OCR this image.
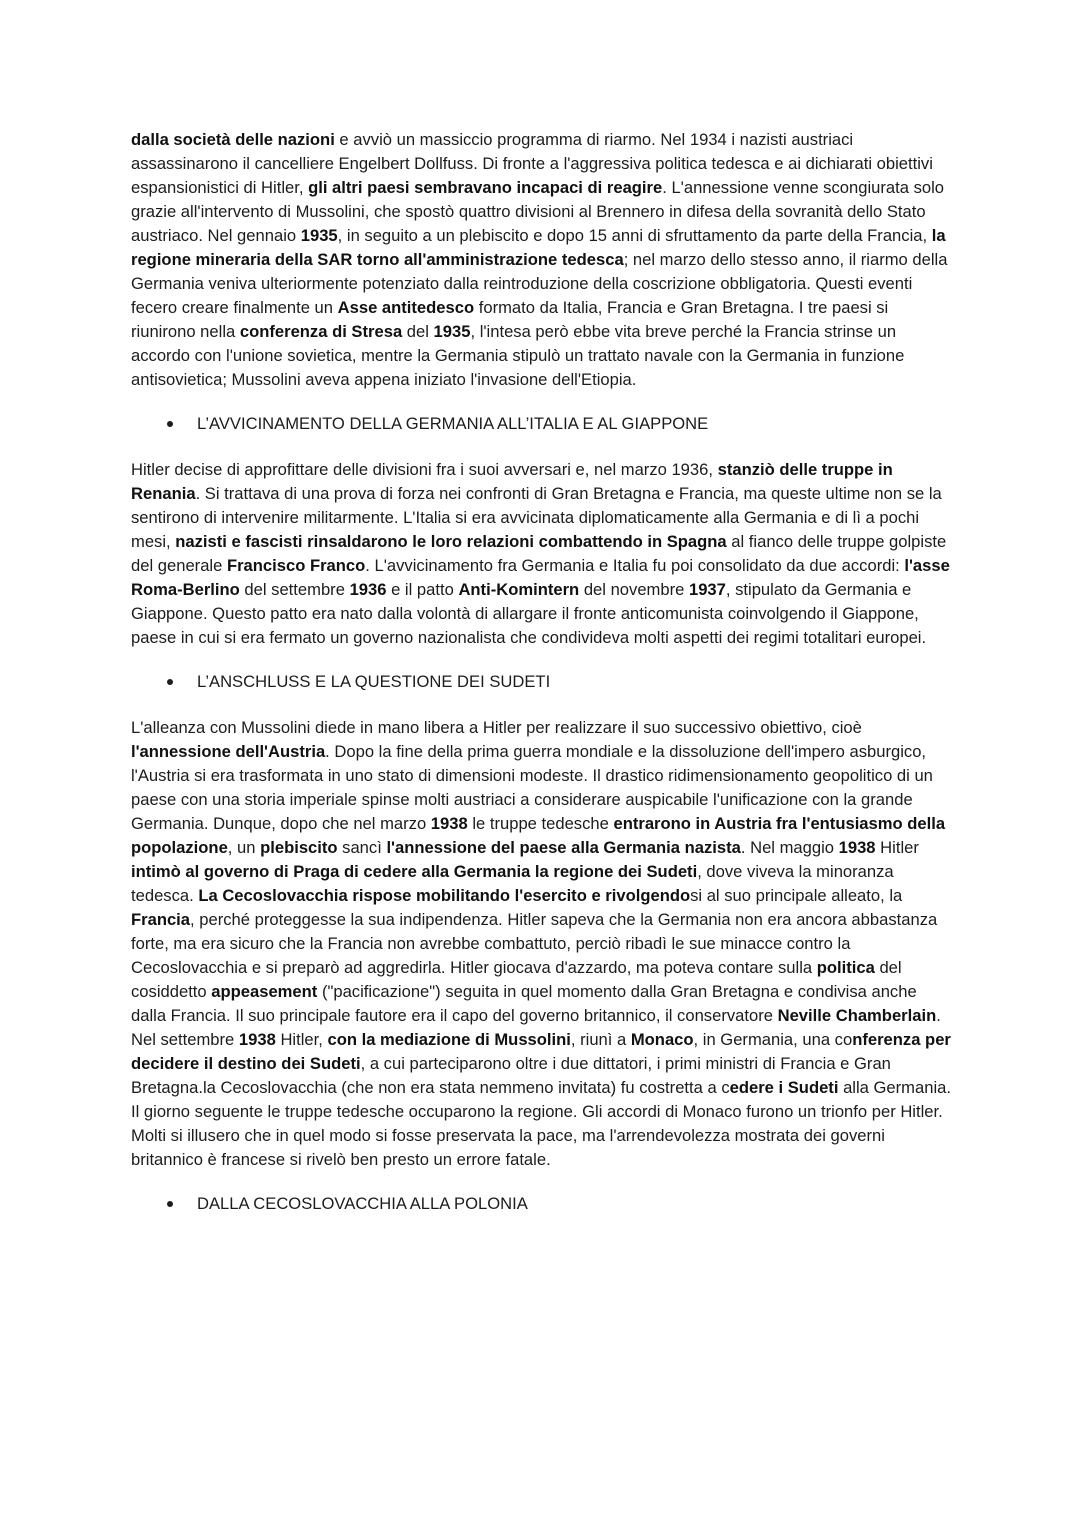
dalla società delle nazioni e avviò un massiccio programma di riarmo. Nel 1934 i nazisti austriaci assassinarono il cancelliere Engelbert Dollfuss. Di fronte a l'aggressiva politica tedesca e ai dichiarati obiettivi espansionistici di Hitler, gli altri paesi sembravano incapaci di reagire. L'annessione venne scongiurata solo grazie all'intervento di Mussolini, che spostò quattro divisioni al Brennero in difesa della sovranità dello Stato austriaco. Nel gennaio 1935, in seguito a un plebiscito e dopo 15 anni di sfruttamento da parte della Francia, la regione mineraria della SAR torno all'amministrazione tedesca; nel marzo dello stesso anno, il riarmo della Germania veniva ulteriormente potenziato dalla reintroduzione della coscrizione obbligatoria. Questi eventi fecero creare finalmente un Asse antitedesco formato da Italia, Francia e Gran Bretagna. I tre paesi si riunirono nella conferenza di Stresa del 1935, l'intesa però ebbe vita breve perché la Francia strinse un accordo con l'unione sovietica, mentre la Germania stipulò un trattato navale con la Germania in funzione antisovietica; Mussolini aveva appena iniziato l'invasione dell'Etiopia.

L’AVVICINAMENTO DELLA GERMANIA ALL’ITALIA E AL GIAPPONE

Hitler decise di approfittare delle divisioni fra i suoi avversari e, nel marzo 1936, stanziò delle truppe in Renania. Si trattava di una prova di forza nei confronti di Gran Bretagna e Francia, ma queste ultime non se la sentirono di intervenire militarmente. L'Italia si era avvicinata diplomaticamente alla Germania e di lì a pochi mesi, nazisti e fascisti rinsaldarono le loro relazioni combattendo in Spagna al fianco delle truppe golpiste del generale Francisco Franco. L'avvicinamento fra Germania e Italia fu poi consolidato da due accordi: l'asse Roma-Berlino del settembre 1936 e il patto Anti-Komintern del novembre 1937, stipulato da Germania e Giappone. Questo patto era nato dalla volontà di allargare il fronte anticomunista coinvolgendo il Giappone, paese in cui si era fermato un governo nazionalista che condivideva molti aspetti dei regimi totalitari europei.

L’ANSCHLUSS E LA QUESTIONE DEI SUDETI

L'alleanza con Mussolini diede in mano libera a Hitler per realizzare il suo successivo obiettivo, cioè l'annessione dell'Austria. Dopo la fine della prima guerra mondiale e la dissoluzione dell'impero asburgico, l'Austria si era trasformata in uno stato di dimensioni modeste. Il drastico ridimensionamento geopolitico di un paese con una storia imperiale spinse molti austriaci a considerare auspicabile l'unificazione con la grande Germania. Dunque, dopo che nel marzo 1938 le truppe tedesche entrarono in Austria fra l'entusiasmo della popolazione, un plebiscito sancì l'annessione del paese alla Germania nazista. Nel maggio 1938 Hitler intimò al governo di Praga di cedere alla Germania la regione dei Sudeti, dove viveva la minoranza tedesca. La Cecoslovacchia rispose mobilitando l'esercito e rivolgendosi al suo principale alleato, la Francia, perché proteggesse la sua indipendenza. Hitler sapeva che la Germania non era ancora abbastanza forte, ma era sicuro che la Francia non avrebbe combattuto, perciò ribadì le sue minacce contro la Cecoslovacchia e si preparò ad aggredirla. Hitler giocava d'azzardo, ma poteva contare sulla politica del cosiddetto appeasement ("pacificazione") seguita in quel momento dalla Gran Bretagna e condivisa anche dalla Francia. Il suo principale fautore era il capo del governo britannico, il conservatore Neville Chamberlain. Nel settembre 1938 Hitler, con la mediazione di Mussolini, riunì a Monaco, in Germania, una conferenza per decidere il destino dei Sudeti, a cui parteciparono oltre i due dittatori, i primi ministri di Francia e Gran Bretagna.la Cecoslovacchia (che non era stata nemmeno invitata) fu costretta a cedere i Sudeti alla Germania. Il giorno seguente le truppe tedesche occuparono la regione. Gli accordi di Monaco furono un trionfo per Hitler. Molti si illusero che in quel modo si fosse preservata la pace, ma l'arrendevolezza mostrata dei governi britannico è francese si rivelò ben presto un errore fatale.

DALLA CECOSLOVACCHIA ALLA POLONIA
